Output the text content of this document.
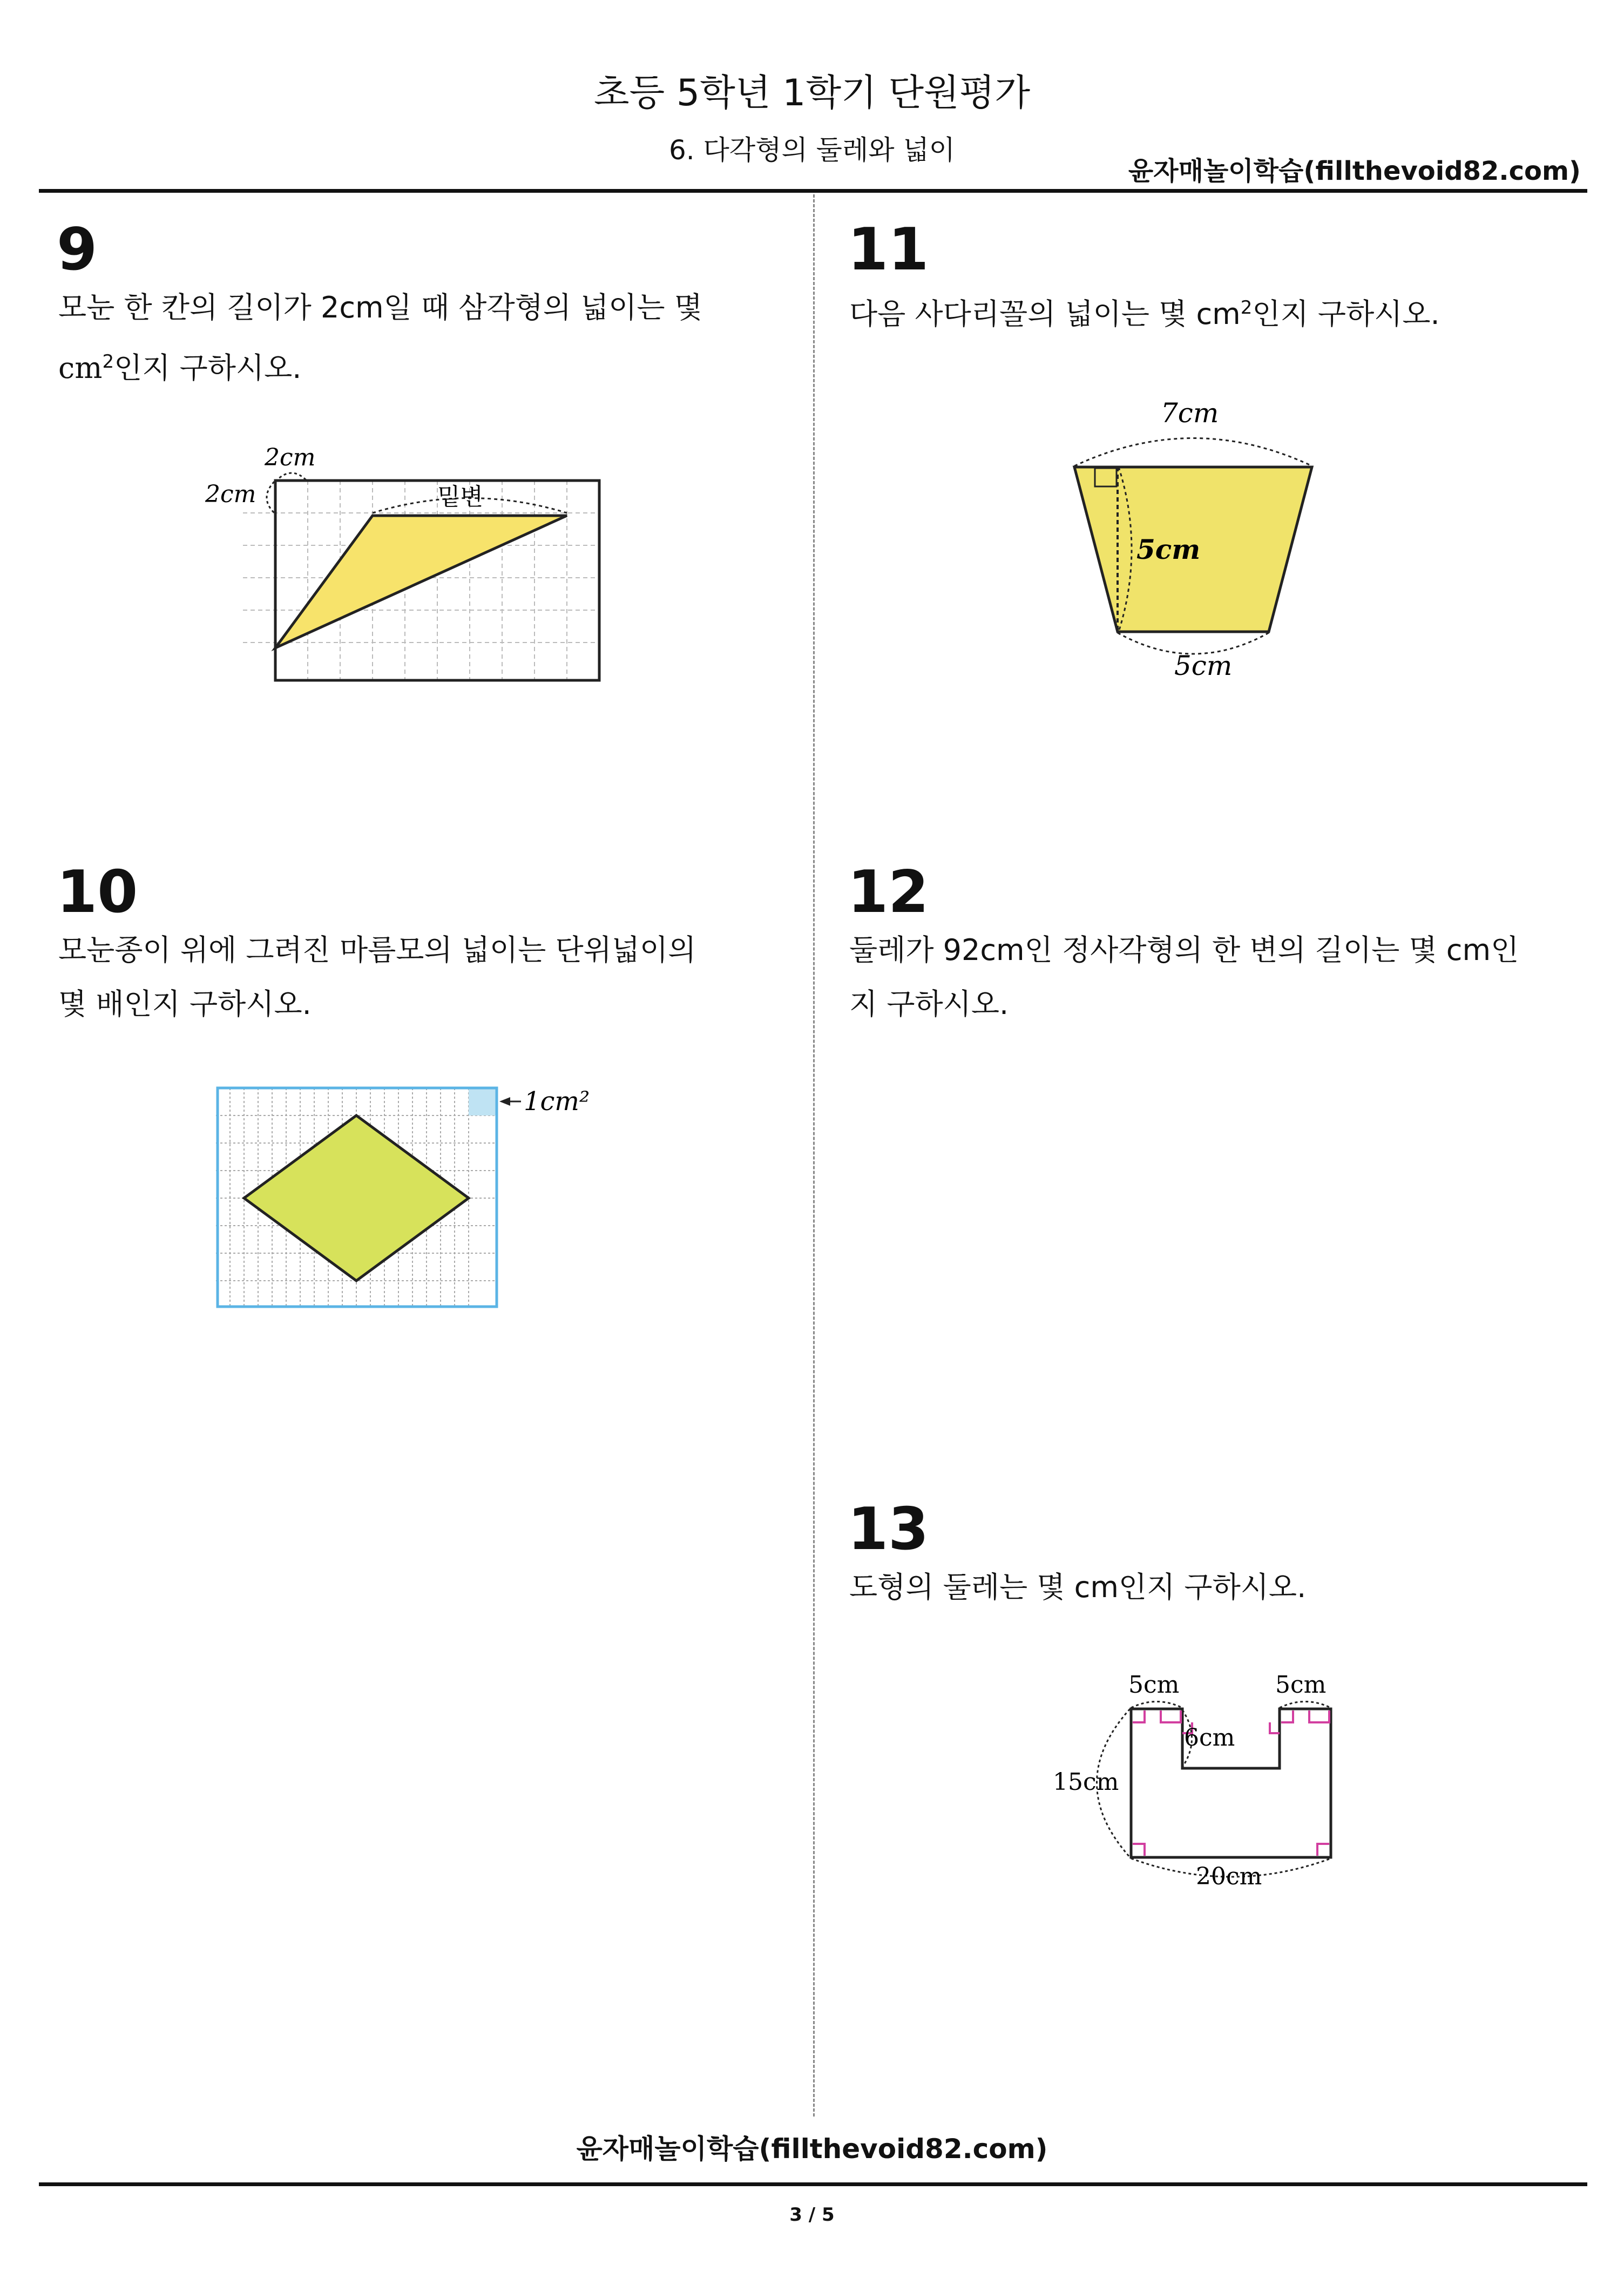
초등 5학년 1학기 단원평가
6. 다각형의 둘레와 넓이
윤자매놀이학습(fillthevoid82.com)
9
모눈 한 칸의 길이가 2cm일 때 삼각형의 넓이는 몇
$cm^2$인지 구하시오.
2cm
2cm	밑변
10
모눈종이 위에 그려진 마름모의 넓이는 단위넓이의
몇 배인지 구하시오.
1cm²
11
다음 사다리꼴의 넓이는 몇 $cm^2$인지 구하시오.
7cm
5cm
5cm
12
둘레가 92cm인 정사각형의 한 변의 길이는 몇 cm인
지 구하시오.
13
도형의 둘레는 몇 cm인지 구하시오.
5cm	5cm
6cm
15cm
20cm
윤자매놀이학습(fillthevoid82.com)
3 / 5
